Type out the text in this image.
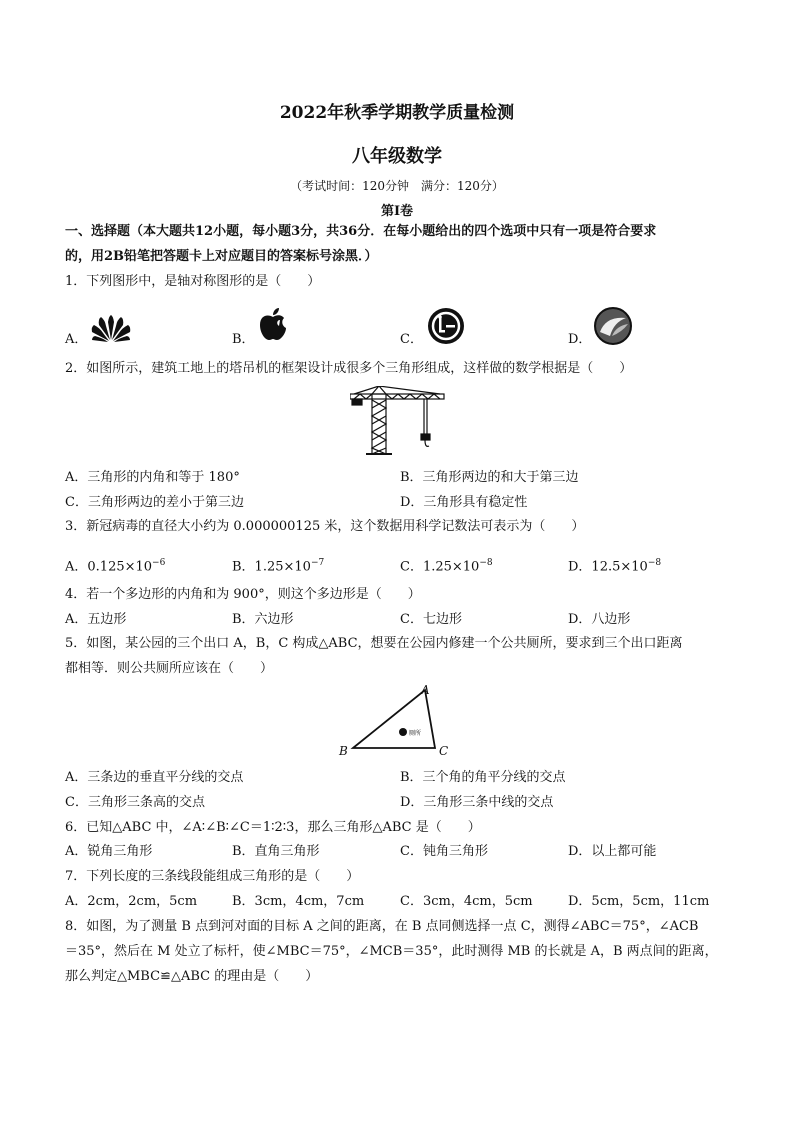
2022年秋季学期教学质量检测
八年级数学
（考试时间：120分钟　满分：120分）
第Ⅰ卷
一、选择题（本大题共12小题，每小题3分，共36分．在每小题给出的四个选项中只有一项是符合要求
的，用2B铅笔把答题卡上对应题目的答案标号涂黑．）
1．下列图形中，是轴对称图形的是（　　）
A．	B．	C．	D．
2．如图所示，建筑工地上的塔吊机的框架设计成很多个三角形组成，这样做的数学根据是（　　）
A．三角形的内角和等于 180°	B．三角形两边的和大于第三边
C．三角形两边的差小于第三边	D．三角形具有稳定性
3．新冠病毒的直径大小约为 0.000000125 米，这个数据用科学记数法可表示为（　　）
A．$0.125\times 10^{-6}$	B．$1.25\times 10^{-7}$	C．$1.25\times 10^{-8}$	D．$12.5\times 10^{-8}$
4．若一个多边形的内角和为 900°，则这个多边形是（　　）
A．五边形	B．六边形	C．七边形	D．八边形
5．如图，某公园的三个出口 A，B，C 构成△ABC，想要在公园内修建一个公共厕所，要求到三个出口距离
都相等．则公共厕所应该在（　　）
厕所
A
B	C
A．三条边的垂直平分线的交点	B．三个角的角平分线的交点
C．三角形三条高的交点	D．三角形三条中线的交点
6．已知△ABC 中，∠A∶∠B∶∠C＝1∶2∶3，那么三角形△ABC 是（　　）
A．锐角三角形	B．直角三角形	C．钝角三角形	D．以上都可能
7．下列长度的三条线段能组成三角形的是（　　）
A．2cm，2cm，5cm	B．3cm，4cm，7cm	C．3cm，4cm，5cm	D．5cm，5cm，11cm
8．如图，为了测量 B 点到河对面的目标 A 之间的距离，在 B 点同侧选择一点 C，测得∠ABC＝75°，∠ACB
＝35°，然后在 M 处立了标杆，使∠MBC＝75°，∠MCB＝35°，此时测得 MB 的长就是 A，B 两点间的距离，
那么判定△MBC≌△ABC 的理由是（　　）
